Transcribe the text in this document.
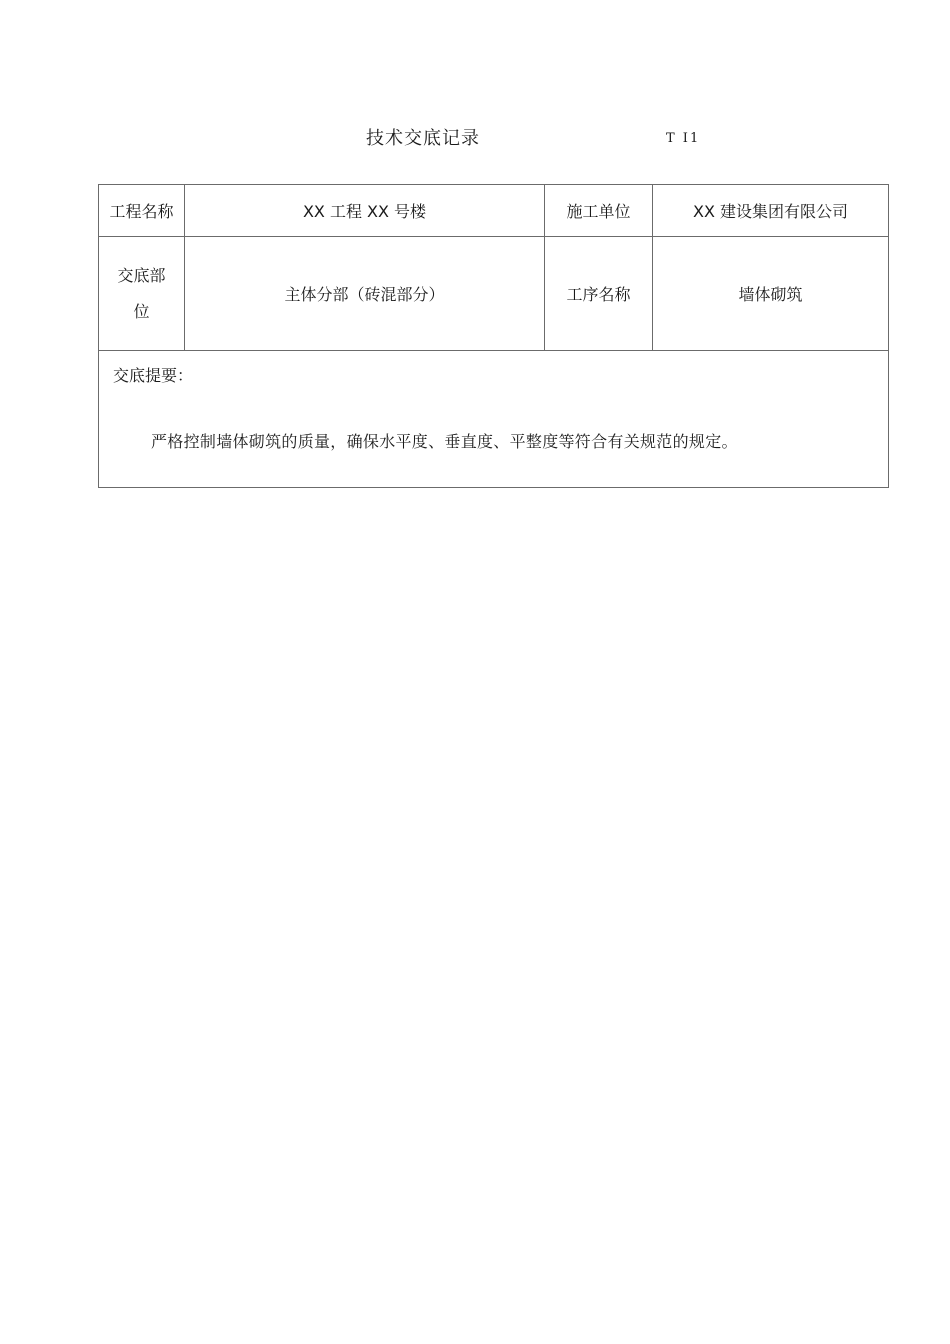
技术交底记录	T I1
工程名称	XX 工程 XX 号楼	施工单位	XX 建设集团有限公司
交底部位	主体分部（砖混部分）	工序名称	墙体砌筑

交底提要：
严格控制墙体砌筑的质量，确保水平度、垂直度、平整度等符合有关规范的规定。			
